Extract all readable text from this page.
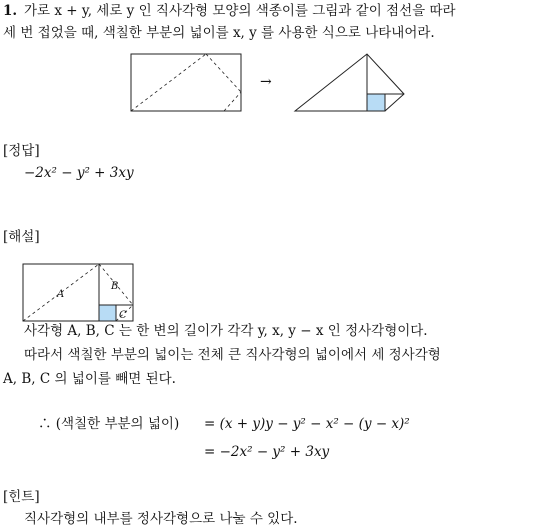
1. 가로 x + y, 세로 y 인 직사각형 모양의 색종이를 그림과 같이 점선을 따라
세 번 접었을 때, 색칠한 부분의 넓이를 x, y 를 사용한 식으로 나타내어라.
→
[정답]
−2x² − y² + 3xy
[해설]
A
B
C
사각형 A, B, C 는 한 변의 길이가 각각 y, x, y − x 인 정사각형이다.
따라서 색칠한 부분의 넓이는 전체 큰 직사각형의 넓이에서 세 정사각형
A, B, C 의 넓이를 빼면 된다.
∴ (색칠한 부분의 넓이) = (x + y)y − y² − x² − (y − x)²
= −2x² − y² + 3xy
[힌트]
직사각형의 내부를 정사각형으로 나눌 수 있다.
